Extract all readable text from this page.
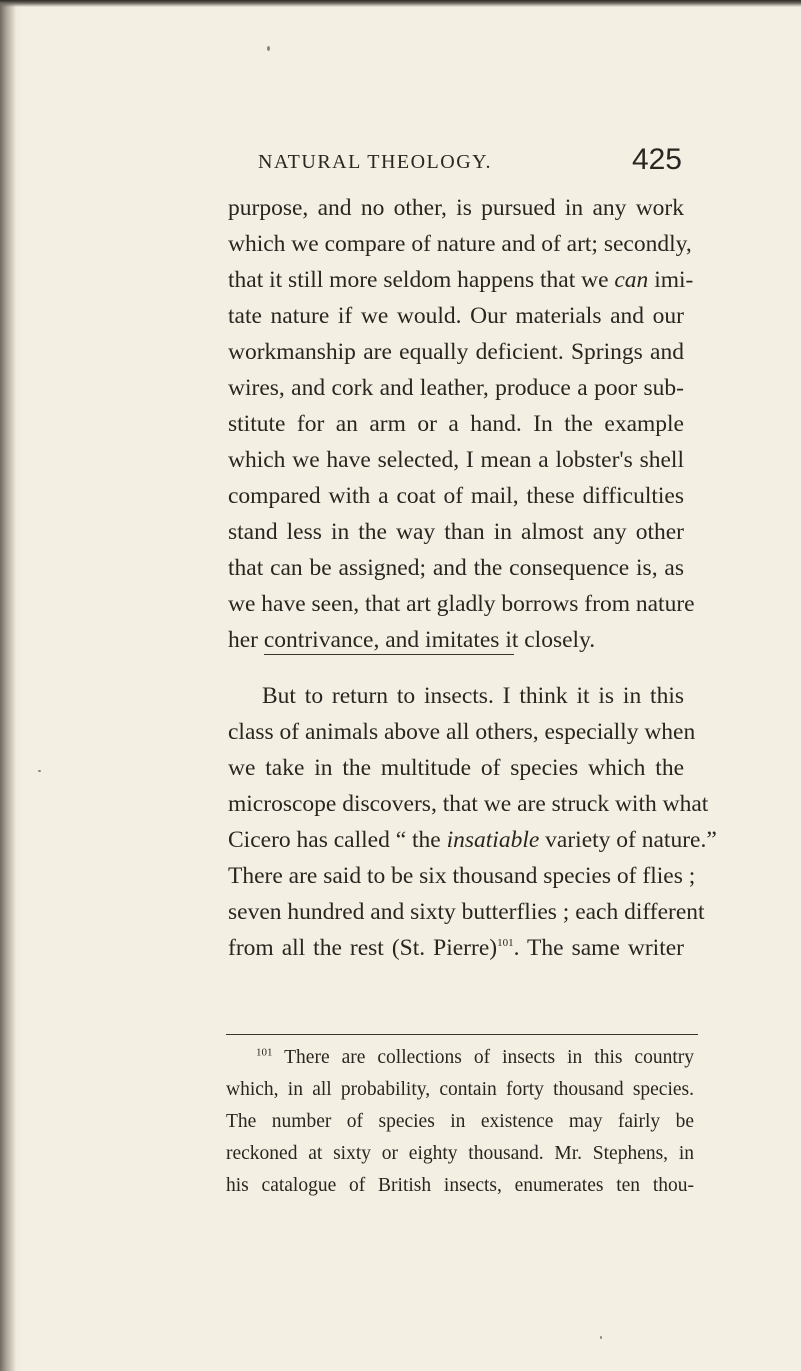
NATURAL THEOLOGY.	425
purpose, and no other, is pursued in any work
which we compare of nature and of art; secondly,
that it still more seldom happens that we can imi-
tate nature if we would. Our materials and our
workmanship are equally deficient. Springs and
wires, and cork and leather, produce a poor sub-
stitute for an arm or a hand. In the example
which we have selected, I mean a lobster's shell
compared with a coat of mail, these difficulties
stand less in the way than in almost any other
that can be assigned; and the consequence is, as
we have seen, that art gladly borrows from nature
her contrivance, and imitates it closely.
But to return to insects. I think it is in this
class of animals above all others, especially when
we take in the multitude of species which the
microscope discovers, that we are struck with what
Cicero has called “ the insatiable variety of nature.”
There are said to be six thousand species of flies ;
seven hundred and sixty butterflies ; each different
from all the rest (St. Pierre)$^{101}$. The same writer
$^{101}$ There are collections of insects in this country
which, in all probability, contain forty thousand species.
The number of species in existence may fairly be
reckoned at sixty or eighty thousand. Mr. Stephens, in
his catalogue of British insects, enumerates ten thou-
